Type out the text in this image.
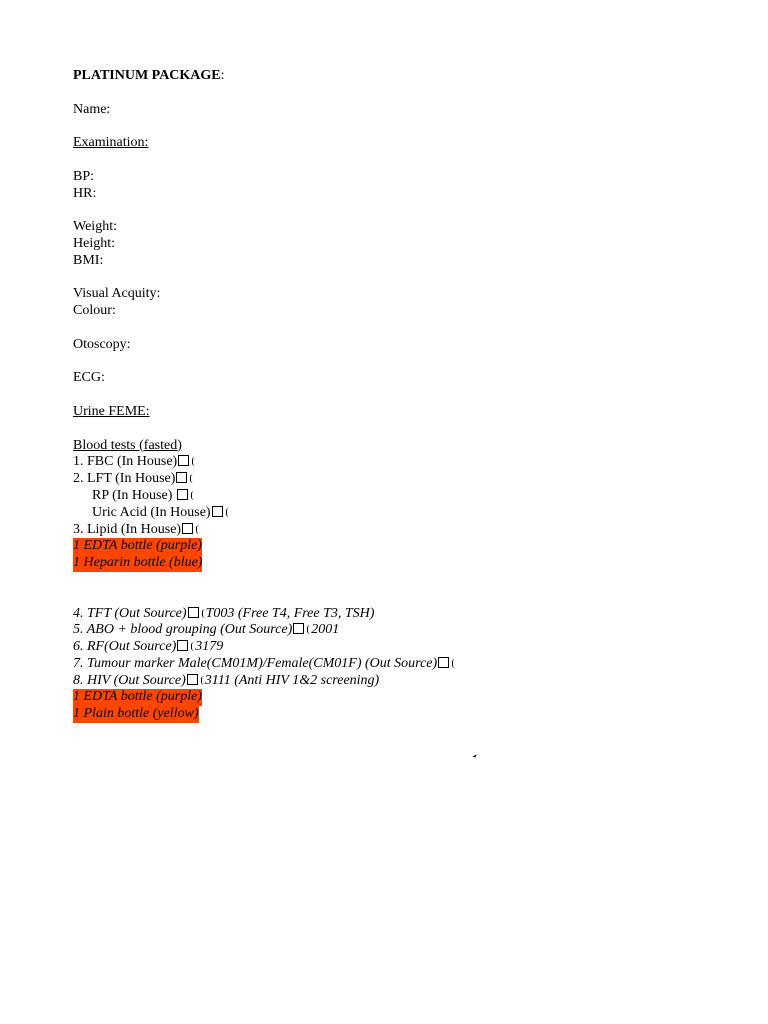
PLATINUM PACKAGE:
Name:
Examination:
BP:
HR:
Weight:
Height:
BMI:
Visual Acquity:
Colour:
Otoscopy:
ECG:
Urine FEME:
Blood tests (fasted)
1. FBC (In House)
2. LFT (In House)
RP (In House)
Uric Acid (In House)
3. Lipid (In House)
1 EDTA bottle (purple)
1 Heparin bottle (blue)
4. TFT (Out Source) T003 (Free T4, Free T3, TSH)
5. ABO + blood grouping (Out Source) 2001
6. RF(Out Source) 3179
7. Tumour marker Male(CM01M)/Female(CM01F) (Out Source)
8. HIV (Out Source) 3111 (Anti HIV 1&2 screening)
1 EDTA bottle (purple)
1 Plain bottle (yellow)
